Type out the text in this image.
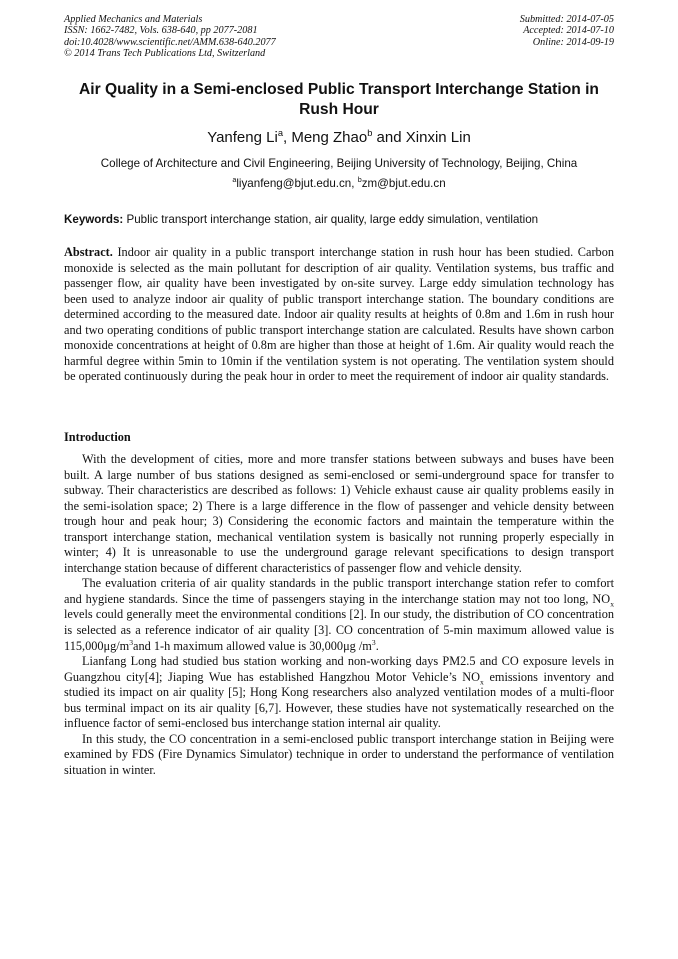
Applied Mechanics and Materials
ISSN: 1662-7482, Vols. 638-640, pp 2077-2081
doi:10.4028/www.scientific.net/AMM.638-640.2077
© 2014 Trans Tech Publications Ltd, Switzerland
Submitted: 2014-07-05
Accepted: 2014-07-10
Online: 2014-09-19
Air Quality in a Semi-enclosed Public Transport Interchange Station in Rush Hour
Yanfeng Li$^a$, Meng Zhao$^b$ and Xinxin Lin
College of Architecture and Civil Engineering, Beijing University of Technology, Beijing, China
$^a$liyanfeng@bjut.edu.cn, $^b$zm@bjut.edu.cn
Keywords: Public transport interchange station, air quality, large eddy simulation, ventilation

Abstract. Indoor air quality in a public transport interchange station in rush hour has been studied. Carbon monoxide is selected as the main pollutant for description of air quality. Ventilation systems, bus traffic and passenger flow, air quality have been investigated by on-site survey. Large eddy simulation technology has been used to analyze indoor air quality of public transport interchange station. The boundary conditions are determined according to the measured date. Indoor air quality results at heights of 0.8m and 1.6m in rush hour and two operating conditions of public transport interchange station are calculated. Results have shown carbon monoxide concentrations at height of 0.8m are higher than those at height of 1.6m. Air quality would reach the harmful degree within 5min to 10min if the ventilation system is not operating. The ventilation system should be operated continuously during the peak hour in order to meet the requirement of indoor air quality standards.

Introduction

With the development of cities, more and more transfer stations between subways and buses have been built. A large number of bus stations designed as semi-enclosed or semi-underground space for transfer to subway. Their characteristics are described as follows: 1) Vehicle exhaust cause air quality problems easily in the semi-isolation space; 2) There is a large difference in the flow of passenger and vehicle density between trough hour and peak hour; 3) Considering the economic factors and maintain the temperature within the transport interchange station, mechanical ventilation system is basically not running properly especially in winter; 4) It is unreasonable to use the underground garage relevant specifications to design transport interchange station because of different characteristics of passenger flow and vehicle density.

The evaluation criteria of air quality standards in the public transport interchange station refer to comfort and hygiene standards. Since the time of passengers staying in the interchange station may not too long, $NO_x$ levels could generally meet the environmental conditions [2]. In our study, the distribution of CO concentration is selected as a reference indicator of air quality [3]. CO concentration of 5-min maximum allowed value is $115,000\mu g/m^3and$ 1-h maximum allowed value is 30,000μg $/m^3$.

Lianfang Long had studied bus station working and non-working days PM2.5 and CO exposure levels in Guangzhou city[4]; Jiaping Wue has established Hangzhou Motor Vehicle’s $NO_x$ emissions inventory and studied its impact on air quality [5]; Hong Kong researchers also analyzed ventilation modes of a multi-floor bus terminal impact on its air quality [6,7]. However, these studies have not systematically researched on the influence factor of semi-enclosed bus interchange station internal air quality.

In this study, the CO concentration in a semi-enclosed public transport interchange station in Beijing were examined by FDS (Fire Dynamics Simulator) technique in order to understand the performance of ventilation situation in winter.
